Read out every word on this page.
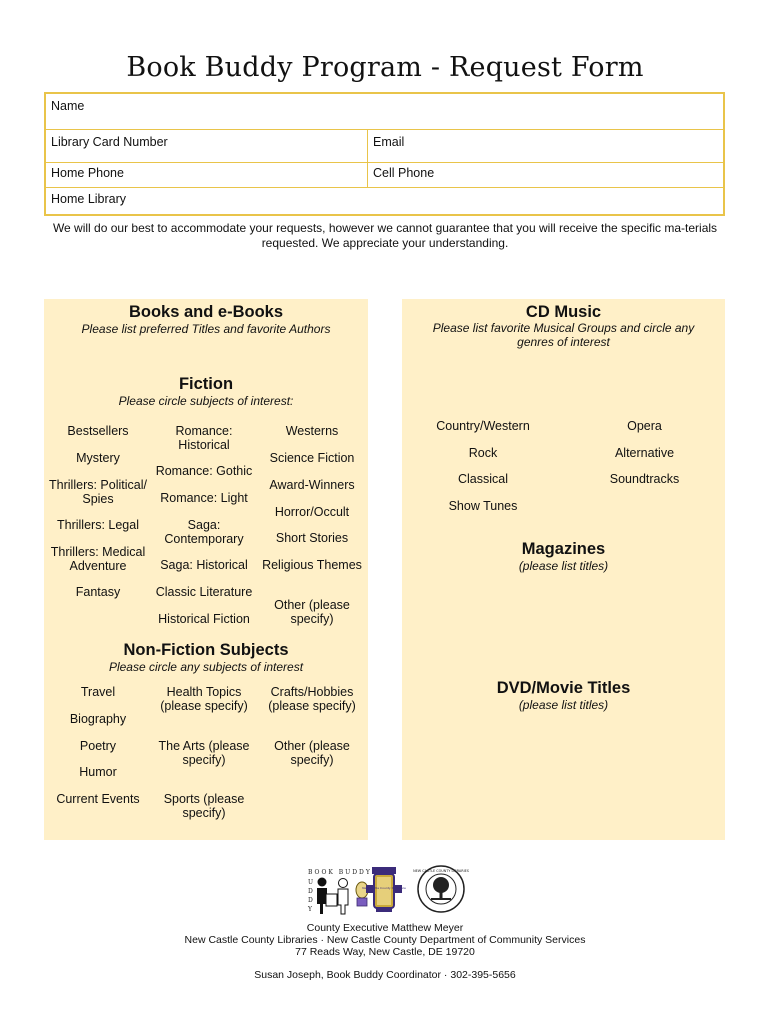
Book Buddy Program - Request Form
Name
Library Card Number	Email
Home Phone	Cell Phone
Home Library
We will do our best to accommodate your requests, however we cannot guarantee that you will receive the specific ma-terials requested. We appreciate your understanding.
Books and e-Books
Please list preferred Titles and favorite Authors
Fiction
Please circle subjects of interest:
Bestsellers
Mystery
Thrillers: Political/ Spies
Thrillers: Legal
Thrillers: Medical Adventure
Fantasy
Romance: Historical
Romance: Gothic
Romance: Light
Saga: Contemporary
Saga: Historical
Classic Literature
Historical Fiction
Westerns
Science Fiction
Award-Winners
Horror/Occult
Short Stories
Religious Themes
Other (please specify)
Non-Fiction Subjects
Please circle any subjects of interest
Travel
Biography
Poetry
Humor
Current Events
Health Topics (please specify)
The Arts (please specify)
Sports (please specify)
Crafts/Hobbies (please specify)
Other (please specify)
CD Music
Please list favorite Musical Groups and circle any genres of interest
Country/Western
Rock
Classical
Show Tunes
Opera
Alternative
Soundtracks
Magazines
(please list titles)
DVD/Movie Titles
(please list titles)
BOOK BUDDY
U
D
D
Y
New Castle County Delaware
NEW CASTLE COUNTY LIBRARIES
County Executive Matthew Meyer
New Castle County Libraries · New Castle County Department of Community Services
77 Reads Way, New Castle, DE 19720
Susan Joseph, Book Buddy Coordinator · 302-395-5656
